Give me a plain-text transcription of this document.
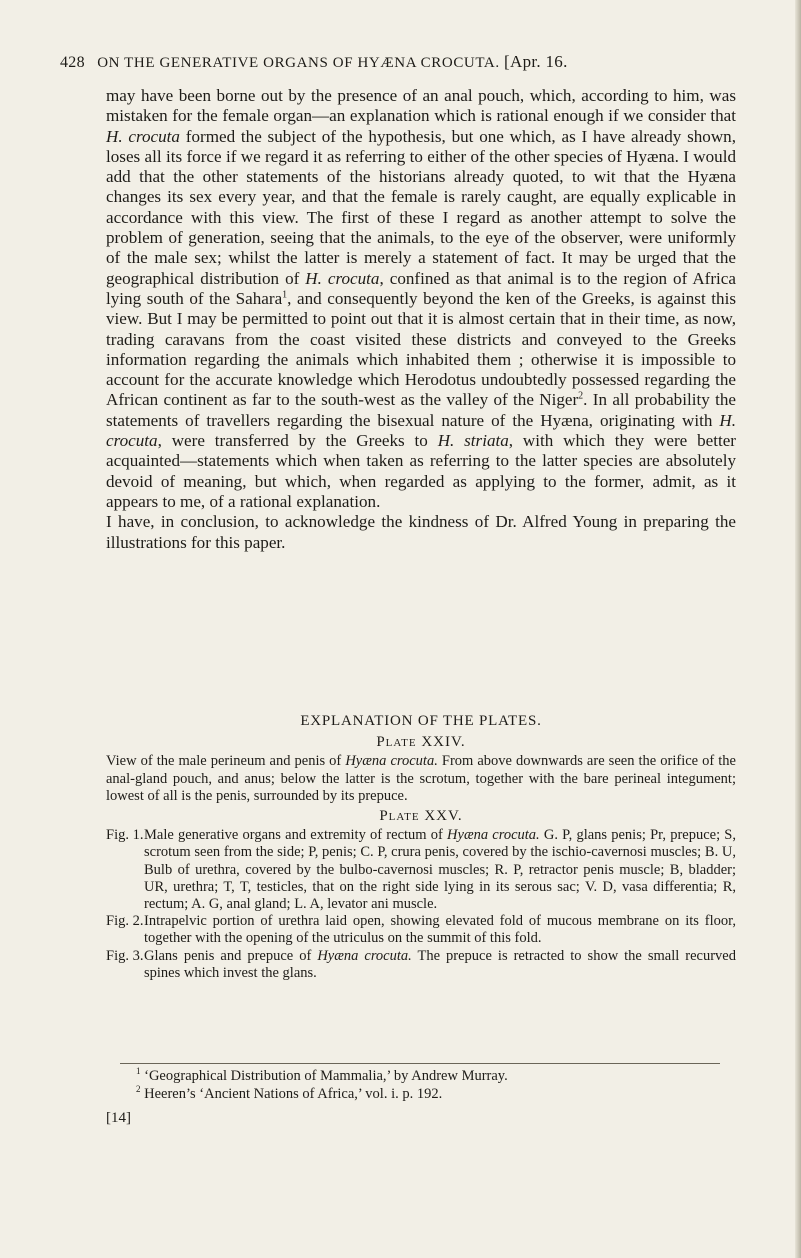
428 ON THE GENERATIVE ORGANS OF HYÆNA CROCUTA. [Apr. 16.

may have been borne out by the presence of an anal pouch, which, according to him, was mistaken for the female organ—an explanation which is rational enough if we consider that H. crocuta formed the subject of the hypothesis, but one which, as I have already shown, loses all its force if we regard it as referring to either of the other species of Hyæna. I would add that the other statements of the historians already quoted, to wit that the Hyæna changes its sex every year, and that the female is rarely caught, are equally explicable in accordance with this view. The first of these I regard as another attempt to solve the problem of generation, seeing that the animals, to the eye of the observer, were uniformly of the male sex; whilst the latter is merely a statement of fact. It may be urged that the geographical distribution of H. crocuta, confined as that animal is to the region of Africa lying south of the Sahara$^1$, and consequently beyond the ken of the Greeks, is against this view. But I may be permitted to point out that it is almost certain that in their time, as now, trading caravans from the coast visited these districts and conveyed to the Greeks information regarding the animals which inhabited them ; otherwise it is impossible to account for the accurate knowledge which Herodotus undoubtedly possessed regarding the African continent as far to the south-west as the valley of the Niger$^2$. In all probability the statements of travellers regarding the bisexual nature of the Hyæna, originating with H. crocuta, were transferred by the Greeks to H. striata, with which they were better acquainted—statements which when taken as referring to the latter species are absolutely devoid of meaning, but which, when regarded as applying to the former, admit, as it appears to me, of a rational explanation.

I have, in conclusion, to acknowledge the kindness of Dr. Alfred Young in preparing the illustrations for this paper.

EXPLANATION OF THE PLATES.
Plate XXIV.
View of the male perineum and penis of Hyæna crocuta. From above downwards are seen the orifice of the anal-gland pouch, and anus; below the latter is the scrotum, together with the bare perineal integument; lowest of all is the penis, surrounded by its prepuce.
Plate XXV.
Fig. 1. Male generative organs and extremity of rectum of Hyæna crocuta. G. P, glans penis; Pr, prepuce; S, scrotum seen from the side; P, penis; C. P, crura penis, covered by the ischio-cavernosi muscles; B. U, Bulb of urethra, covered by the bulbo-cavernosi muscles; R. P, retractor penis muscle; B, bladder; UR, urethra; T, T, testicles, that on the right side lying in its serous sac; V. D, vasa differentia; R, rectum; A. G, anal gland; L. A, levator ani muscle.
Fig. 2. Intrapelvic portion of urethra laid open, showing elevated fold of mucous membrane on its floor, together with the opening of the utriculus on the summit of this fold.
Fig. 3. Glans penis and prepuce of Hyæna crocuta. The prepuce is retracted to show the small recurved spines which invest the glans.
$^1$ ‘Geographical Distribution of Mammalia,’ by Andrew Murray.
$^2$ Heeren’s ‘Ancient Nations of Africa,’ vol. i. p. 192.
[14]
